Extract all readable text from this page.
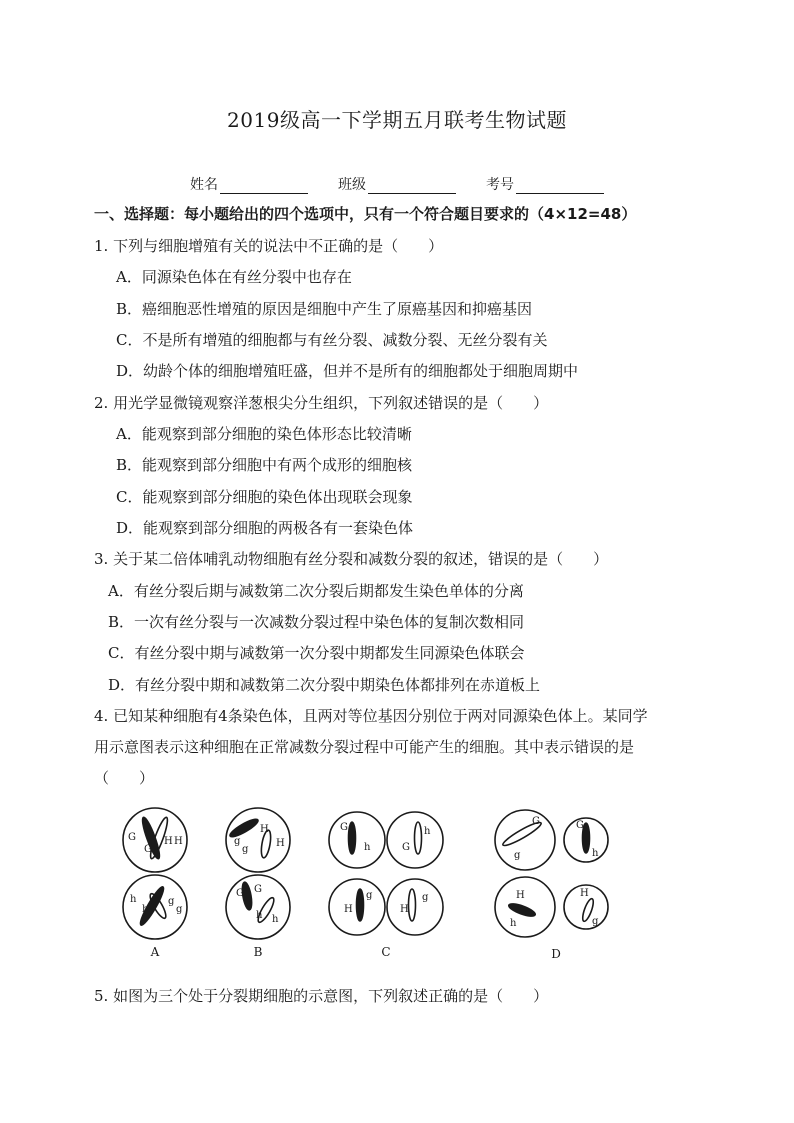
2019级高一下学期五月联考生物试题
姓名	班级	考号
一、选择题：每小题给出的四个选项中，只有一个符合题目要求的（4×12=48）
1. 下列与细胞增殖有关的说法中不正确的是（　　）
A．同源染色体在有丝分裂中也存在
B．癌细胞恶性增殖的原因是细胞中产生了原癌基因和抑癌基因
C．不是所有增殖的细胞都与有丝分裂、减数分裂、无丝分裂有关
D．幼龄个体的细胞增殖旺盛，但并不是所有的细胞都处于细胞周期中
2. 用光学显微镜观察洋葱根尖分生组织，下列叙述错误的是（　　）
A．能观察到部分细胞的染色体形态比较清晰
B．能观察到部分细胞中有两个成形的细胞核
C．能观察到部分细胞的染色体出现联会现象
D．能观察到部分细胞的两极各有一套染色体
3. 关于某二倍体哺乳动物细胞有丝分裂和减数分裂的叙述，错误的是（　　）
A．有丝分裂后期与减数第二次分裂后期都发生染色单体的分离
B．一次有丝分裂与一次减数分裂过程中染色体的复制次数相同
C．有丝分裂中期与减数第一次分裂中期都发生同源染色体联会
D．有丝分裂中期和减数第二次分裂中期染色体都排列在赤道板上
4. 已知某种细胞有4条染色体，且两对等位基因分别位于两对同源染色体上。某同学
用示意图表示这种细胞在正常减数分裂过程中可能产生的细胞。其中表示错误的是
（　　）
G
G
H H
h
h
g
g
g
g
H
H
G G
h h
G
h	G
h
H
g
H
g
G
g
G
h
H
h
H
g
A	B	C	D
5. 如图为三个处于分裂期细胞的示意图，下列叙述正确的是（　　）
